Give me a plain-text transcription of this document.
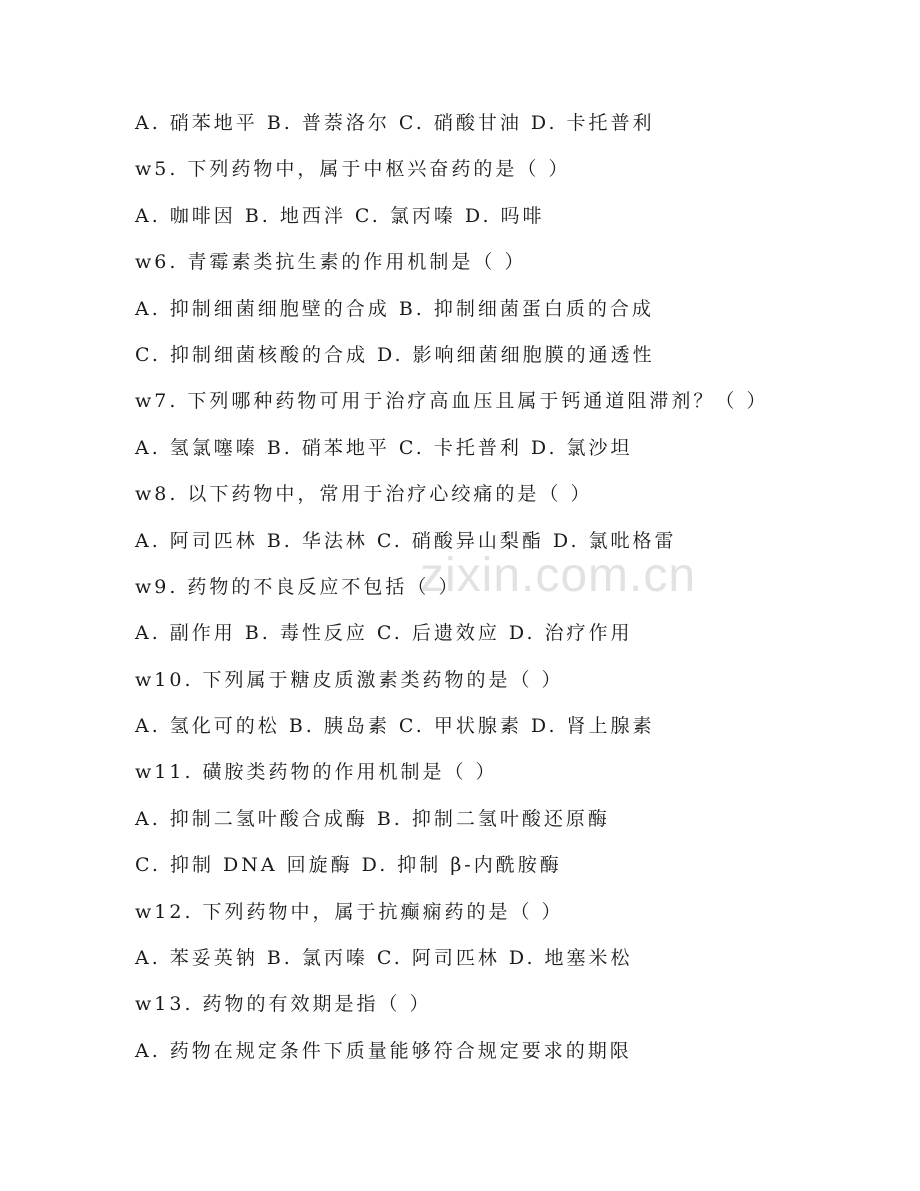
A. 硝苯地平 B. 普萘洛尔 C. 硝酸甘油 D. 卡托普利
w5. 下列药物中，属于中枢兴奋药的是（ ）
A. 咖啡因 B. 地西泮 C. 氯丙嗪 D. 吗啡
w6. 青霉素类抗生素的作用机制是（ ）
A. 抑制细菌细胞壁的合成 B. 抑制细菌蛋白质的合成
C. 抑制细菌核酸的合成 D. 影响细菌细胞膜的通透性
w7. 下列哪种药物可用于治疗高血压且属于钙通道阻滞剂？（ ）
A. 氢氯噻嗪 B. 硝苯地平 C. 卡托普利 D. 氯沙坦
w8. 以下药物中，常用于治疗心绞痛的是（ ）
A. 阿司匹林 B. 华法林 C. 硝酸异山梨酯 D. 氯吡格雷
w9. 药物的不良反应不包括（ ）
A. 副作用 B. 毒性反应 C. 后遗效应 D. 治疗作用
w10. 下列属于糖皮质激素类药物的是（ ）
A. 氢化可的松 B. 胰岛素 C. 甲状腺素 D. 肾上腺素
w11. 磺胺类药物的作用机制是（ ）
A. 抑制二氢叶酸合成酶 B. 抑制二氢叶酸还原酶
C. 抑制 DNA 回旋酶 D. 抑制 β-内酰胺酶
w12. 下列药物中，属于抗癫痫药的是（ ）
A. 苯妥英钠 B. 氯丙嗪 C. 阿司匹林 D. 地塞米松
w13. 药物的有效期是指（ ）
A. 药物在规定条件下质量能够符合规定要求的期限
zixin.com.cn
